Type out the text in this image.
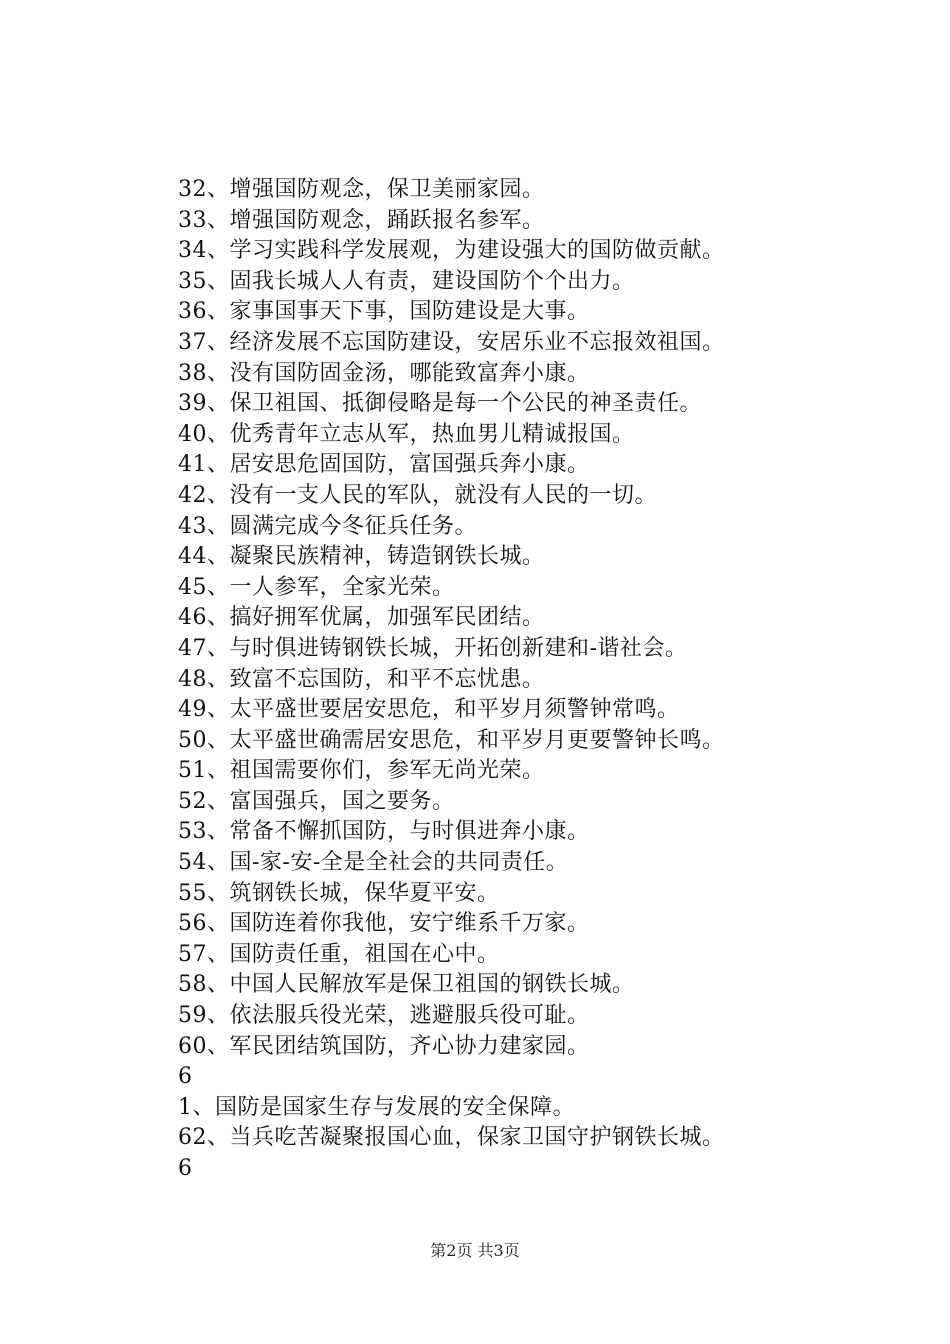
32、增强国防观念，保卫美丽家园。
33、增强国防观念，踊跃报名参军。
34、学习实践科学发展观，为建设强大的国防做贡献。
35、固我长城人人有责，建设国防个个出力。
36、家事国事天下事，国防建设是大事。
37、经济发展不忘国防建设，安居乐业不忘报效祖国。
38、没有国防固金汤，哪能致富奔小康。
39、保卫祖国、抵御侵略是每一个公民的神圣责任。
40、优秀青年立志从军，热血男儿精诚报国。
41、居安思危固国防，富国强兵奔小康。
42、没有一支人民的军队，就没有人民的一切。
43、圆满完成今冬征兵任务。
44、凝聚民族精神，铸造钢铁长城。
45、一人参军，全家光荣。
46、搞好拥军优属，加强军民团结。
47、与时俱进铸钢铁长城，开拓创新建和-谐社会。
48、致富不忘国防，和平不忘忧患。
49、太平盛世要居安思危，和平岁月须警钟常鸣。
50、太平盛世确需居安思危，和平岁月更要警钟长鸣。
51、祖国需要你们，参军无尚光荣。
52、富国强兵，国之要务。
53、常备不懈抓国防，与时俱进奔小康。
54、国-家-安-全是全社会的共同责任。
55、筑钢铁长城，保华夏平安。
56、国防连着你我他，安宁维系千万家。
57、国防责任重，祖国在心中。
58、中国人民解放军是保卫祖国的钢铁长城。
59、依法服兵役光荣，逃避服兵役可耻。
60、军民团结筑国防，齐心协力建家园。
6
1、国防是国家生存与发展的安全保障。
62、当兵吃苦凝聚报国心血，保家卫国守护钢铁长城。
6
第2页 共3页
